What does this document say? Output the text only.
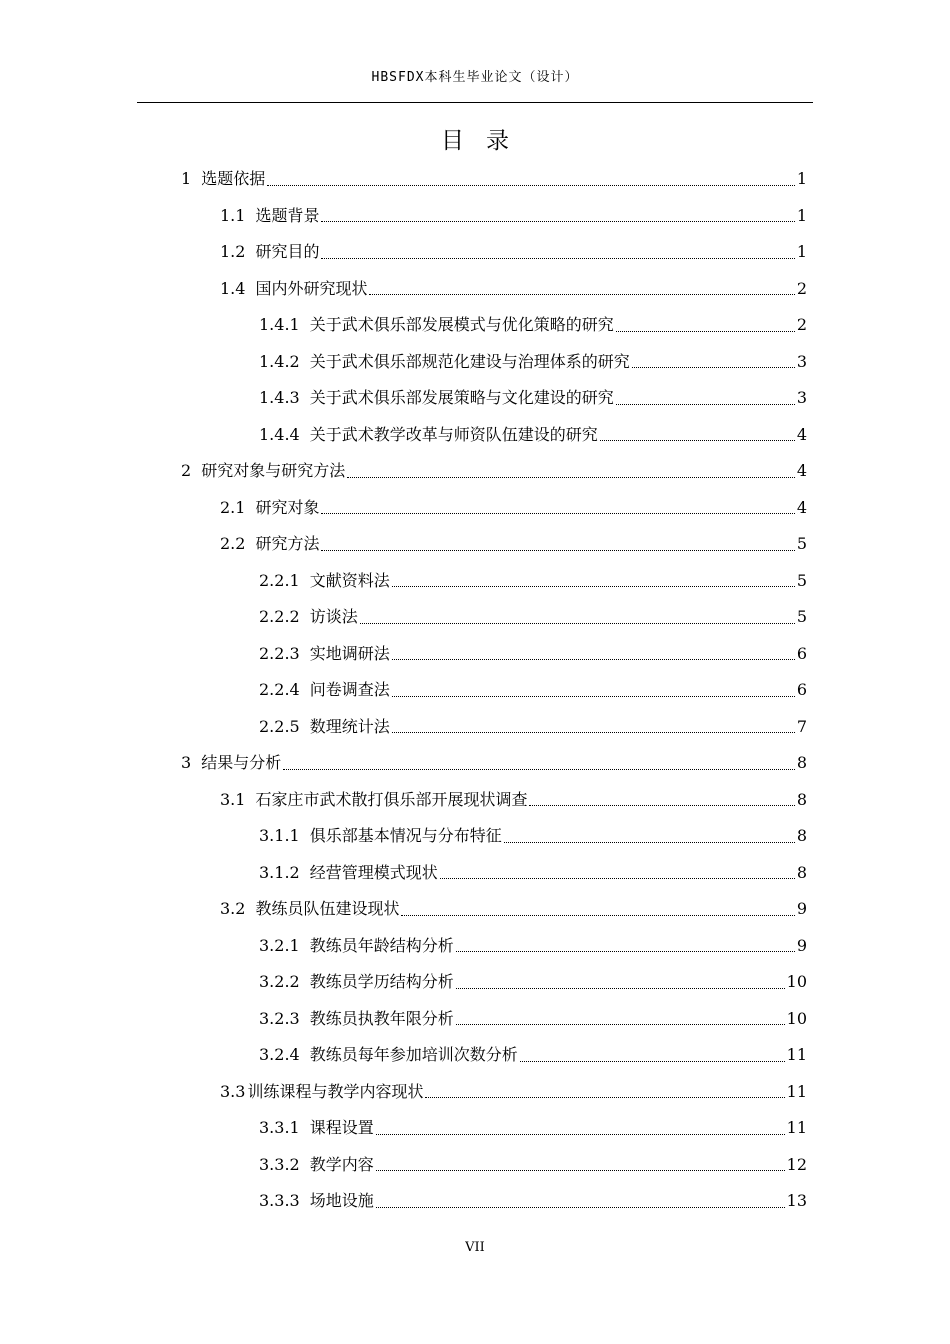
HBSFDX本科生毕业论文（设计）
目录
1 选题依据	1
1.1 选题背景	1
1.2 研究目的	1
1.4 国内外研究现状	2
1.4.1 关于武术俱乐部发展模式与优化策略的研究	2
1.4.2 关于武术俱乐部规范化建设与治理体系的研究	3
1.4.3 关于武术俱乐部发展策略与文化建设的研究	3
1.4.4 关于武术教学改革与师资队伍建设的研究	4
2 研究对象与研究方法	4
2.1 研究对象	4
2.2 研究方法	5
2.2.1 文献资料法	5
2.2.2 访谈法	5
2.2.3 实地调研法	6
2.2.4 问卷调查法	6
2.2.5 数理统计法	7
3 结果与分析	8
3.1 石家庄市武术散打俱乐部开展现状调查	8
3.1.1 俱乐部基本情况与分布特征	8
3.1.2 经营管理模式现状	8
3.2 教练员队伍建设现状	9
3.2.1 教练员年龄结构分析	9
3.2.2 教练员学历结构分析	10
3.2.3 教练员执教年限分析	10
3.2.4 教练员每年参加培训次数分析	11
3.3 训练课程与教学内容现状	11
3.3.1 课程设置	11
3.3.2 教学内容	12
3.3.3 场地设施	13
VII
